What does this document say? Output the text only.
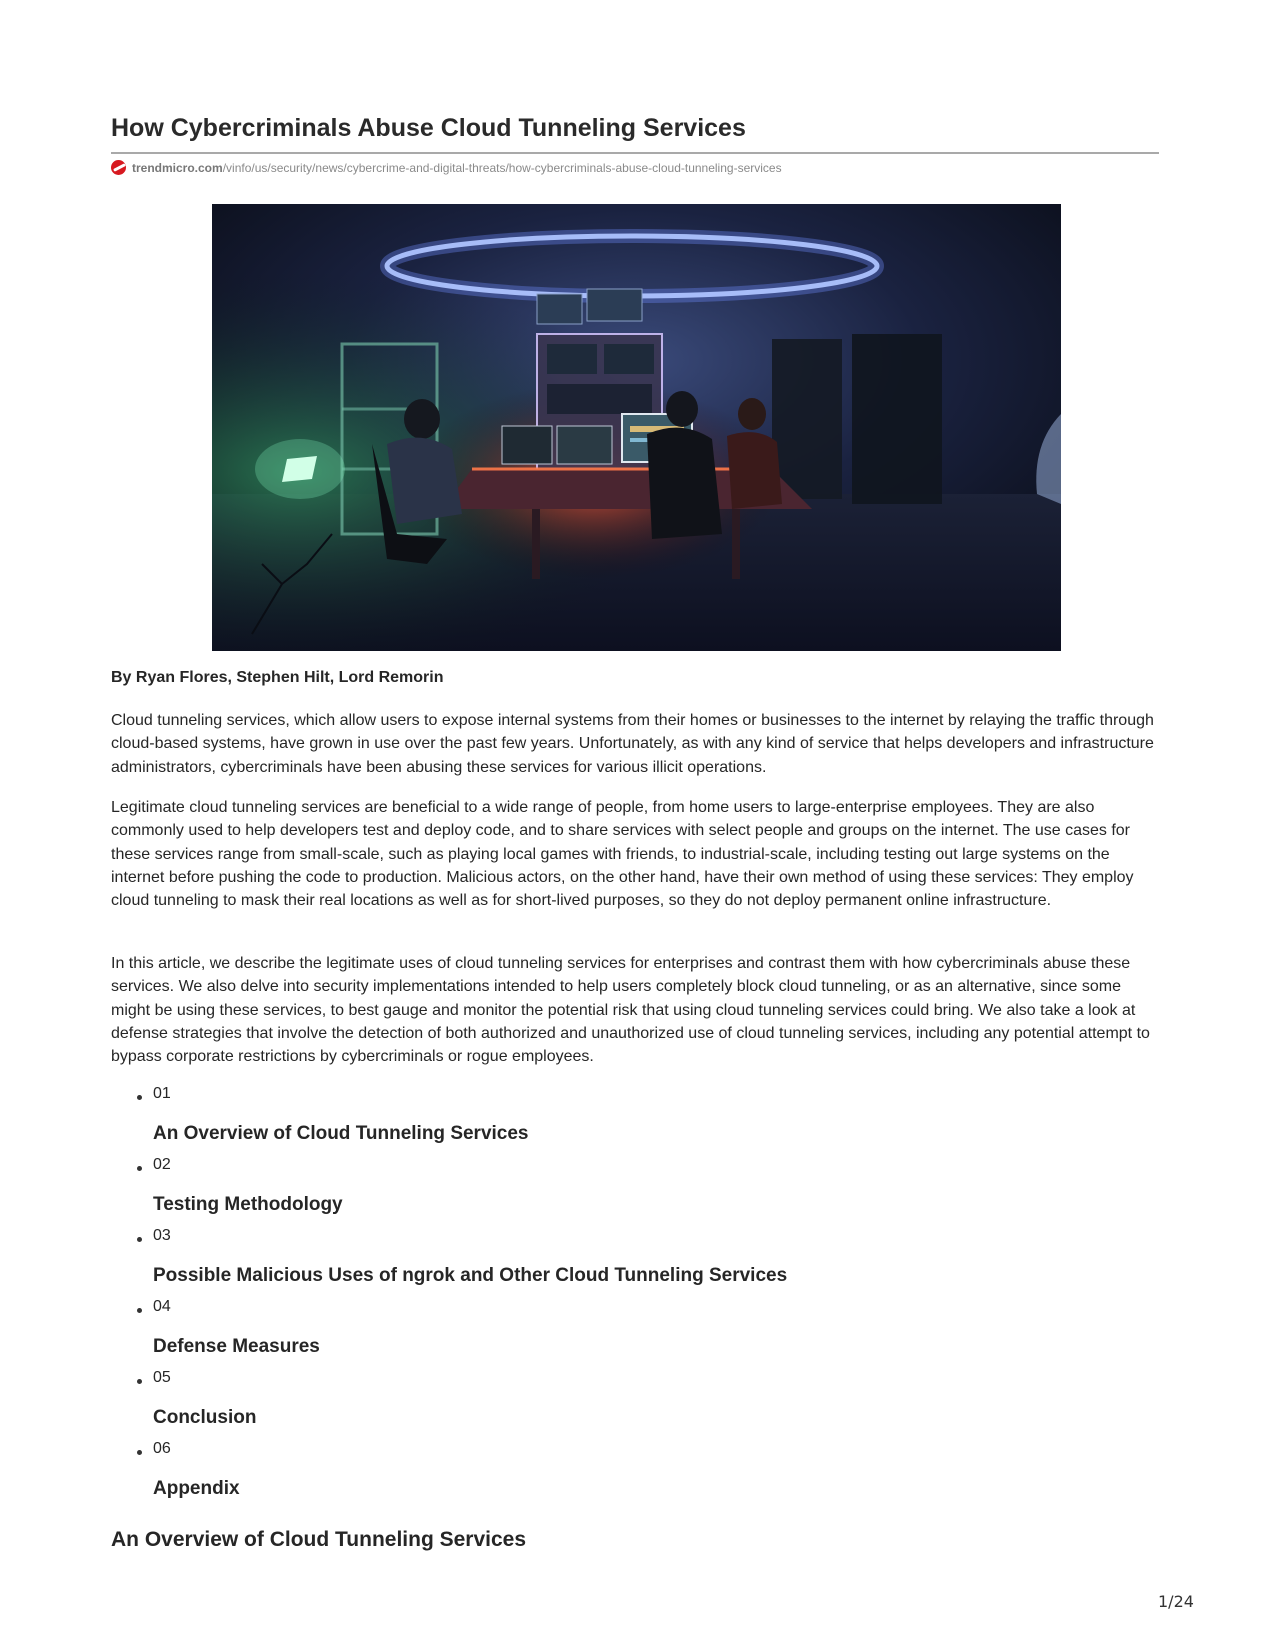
How Cybercriminals Abuse Cloud Tunneling Services
trendmicro.com /vinfo/us/security/news/cybercrime-and-digital-threats/how-cybercriminals-abuse-cloud-tunneling-services

By Ryan Flores, Stephen Hilt, Lord Remorin

Cloud tunneling services, which allow users to expose internal systems from their homes or businesses to the internet by relaying the traffic through cloud-based systems, have grown in use over the past few years. Unfortunately, as with any kind of service that helps developers and infrastructure administrators, cybercriminals have been abusing these services for various illicit operations.

Legitimate cloud tunneling services are beneficial to a wide range of people, from home users to large-enterprise employees. They are also commonly used to help developers test and deploy code, and to share services with select people and groups on the internet. The use cases for these services range from small-scale, such as playing local games with friends, to industrial-scale, including testing out large systems on the internet before pushing the code to production. Malicious actors, on the other hand, have their own method of using these services: They employ cloud tunneling to mask their real locations as well as for short-lived purposes, so they do not deploy permanent online infrastructure.

In this article, we describe the legitimate uses of cloud tunneling services for enterprises and contrast them with how cybercriminals abuse these services. We also delve into security implementations intended to help users completely block cloud tunneling, or as an alternative, since some might be using these services, to best gauge and monitor the potential risk that using cloud tunneling services could bring. We also take a look at defense strategies that involve the detection of both authorized and unauthorized use of cloud tunneling services, including any potential attempt to bypass corporate restrictions by cybercriminals or rogue employees.

01
An Overview of Cloud Tunneling Services
02
Testing Methodology
03
Possible Malicious Uses of ngrok and Other Cloud Tunneling Services
04
Defense Measures
05
Conclusion
06
Appendix
An Overview of Cloud Tunneling Services
1/24
